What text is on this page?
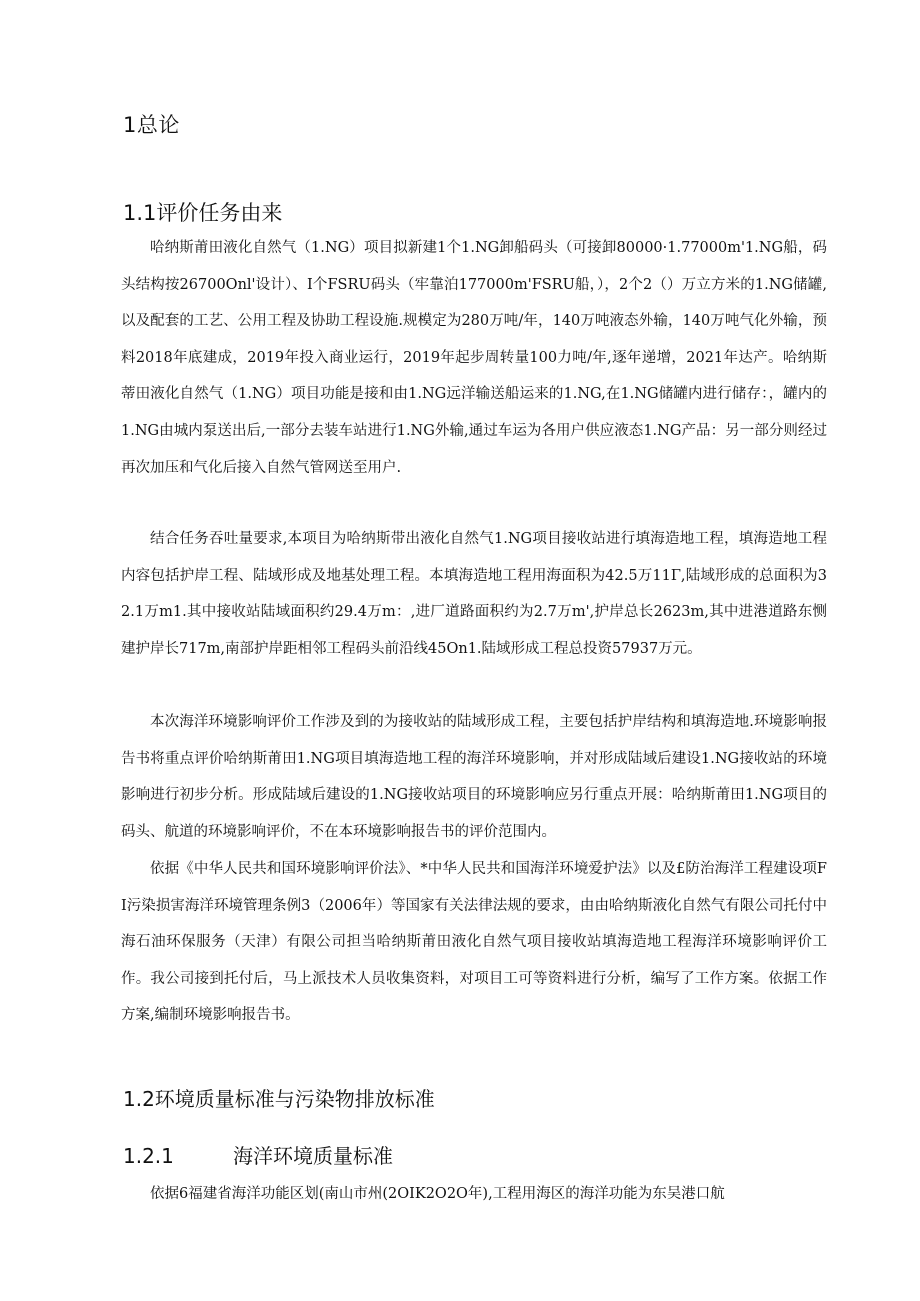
1总论
1.1评价任务由来

哈纳斯莆田液化自然气（1.NG）项目拟新建1个1.NG卸船码头（可接卸80000·1.77000m'1.NG船，码头结构按26700Onl'设计）、I个FSRU码头（牢靠泊177000m'FSRU船，），2个2（）万立方米的1.NG储罐,以及配套的工艺、公用工程及协助工程设施.规模定为280万吨/年，140万吨液态外输，140万吨气化外输，预料2018年底建成，2019年投入商业运行，2019年起步周转量100力吨/年,逐年递增，2021年达产。哈纳斯蒂田液化自然气（1.NG）项目功能是接和由1.NG远洋输送船运来的1.NG,在1.NG储罐内进行储存：，罐内的1.NG由城内泵送出后,一部分去装车站进行1.NG外输,通过车运为各用户供应液态1.NG产品：另一部分则经过再次加压和气化后接入自然气管网送至用户.

结合任务吞吐量要求,本项目为哈纳斯带出液化自然气1.NG项目接收站进行填海造地工程，填海造地工程内容包括护岸工程、陆域形成及地基处理工程。本填海造地工程用海面积为42.5万11Γ,陆域形成的总面积为32.1万m1.其中接收站陆域面积约29.4万m：,进厂道路面积约为2.7万m',护岸总长2623m,其中进港道路东恻建护岸长717m,南部护岸距相邻工程码头前沿线45On1.陆域形成工程总投资57937万元。

本次海洋环境影响评价工作涉及到的为接收站的陆域形成工程，主要包括护岸结构和填海造地.环境影响报告书将重点评价哈纳斯莆田1.NG项目填海造地工程的海洋环境影响，并对形成陆域后建设1.NG接收站的环境影响进行初步分析。形成陆域后建设的1.NG接收站项目的环境影响应另行重点开展：哈纳斯莆田1.NG项目的码头、航道的环境影响评价，不在本环境影响报告书的评价范围内。

依据《中华人民共和国环境影响评价法》、*中华人民共和国海洋环境爱护法》以及£防治海洋工程建设项FI污染损害海洋环境管理条例3（2006年）等国家有关法律法规的要求，由由哈纳斯液化自然气有限公司托付中海石油环保服务（天津）有限公司担当哈纳斯莆田液化自然气项目接收站填海造地工程海洋环境影响评价工作。我公司接到托付后，马上派技术人员收集资料，对项目工可等资料进行分析，编写了工作方案。依据工作方案,编制环境影响报告书。

1.2环境质量标准与污染物排放标准
1.2.1	海洋环境质量标准

依据6福建省海洋功能区划(南山市州(2OIK2O2O年),工程用海区的海洋功能为东吴港口航
